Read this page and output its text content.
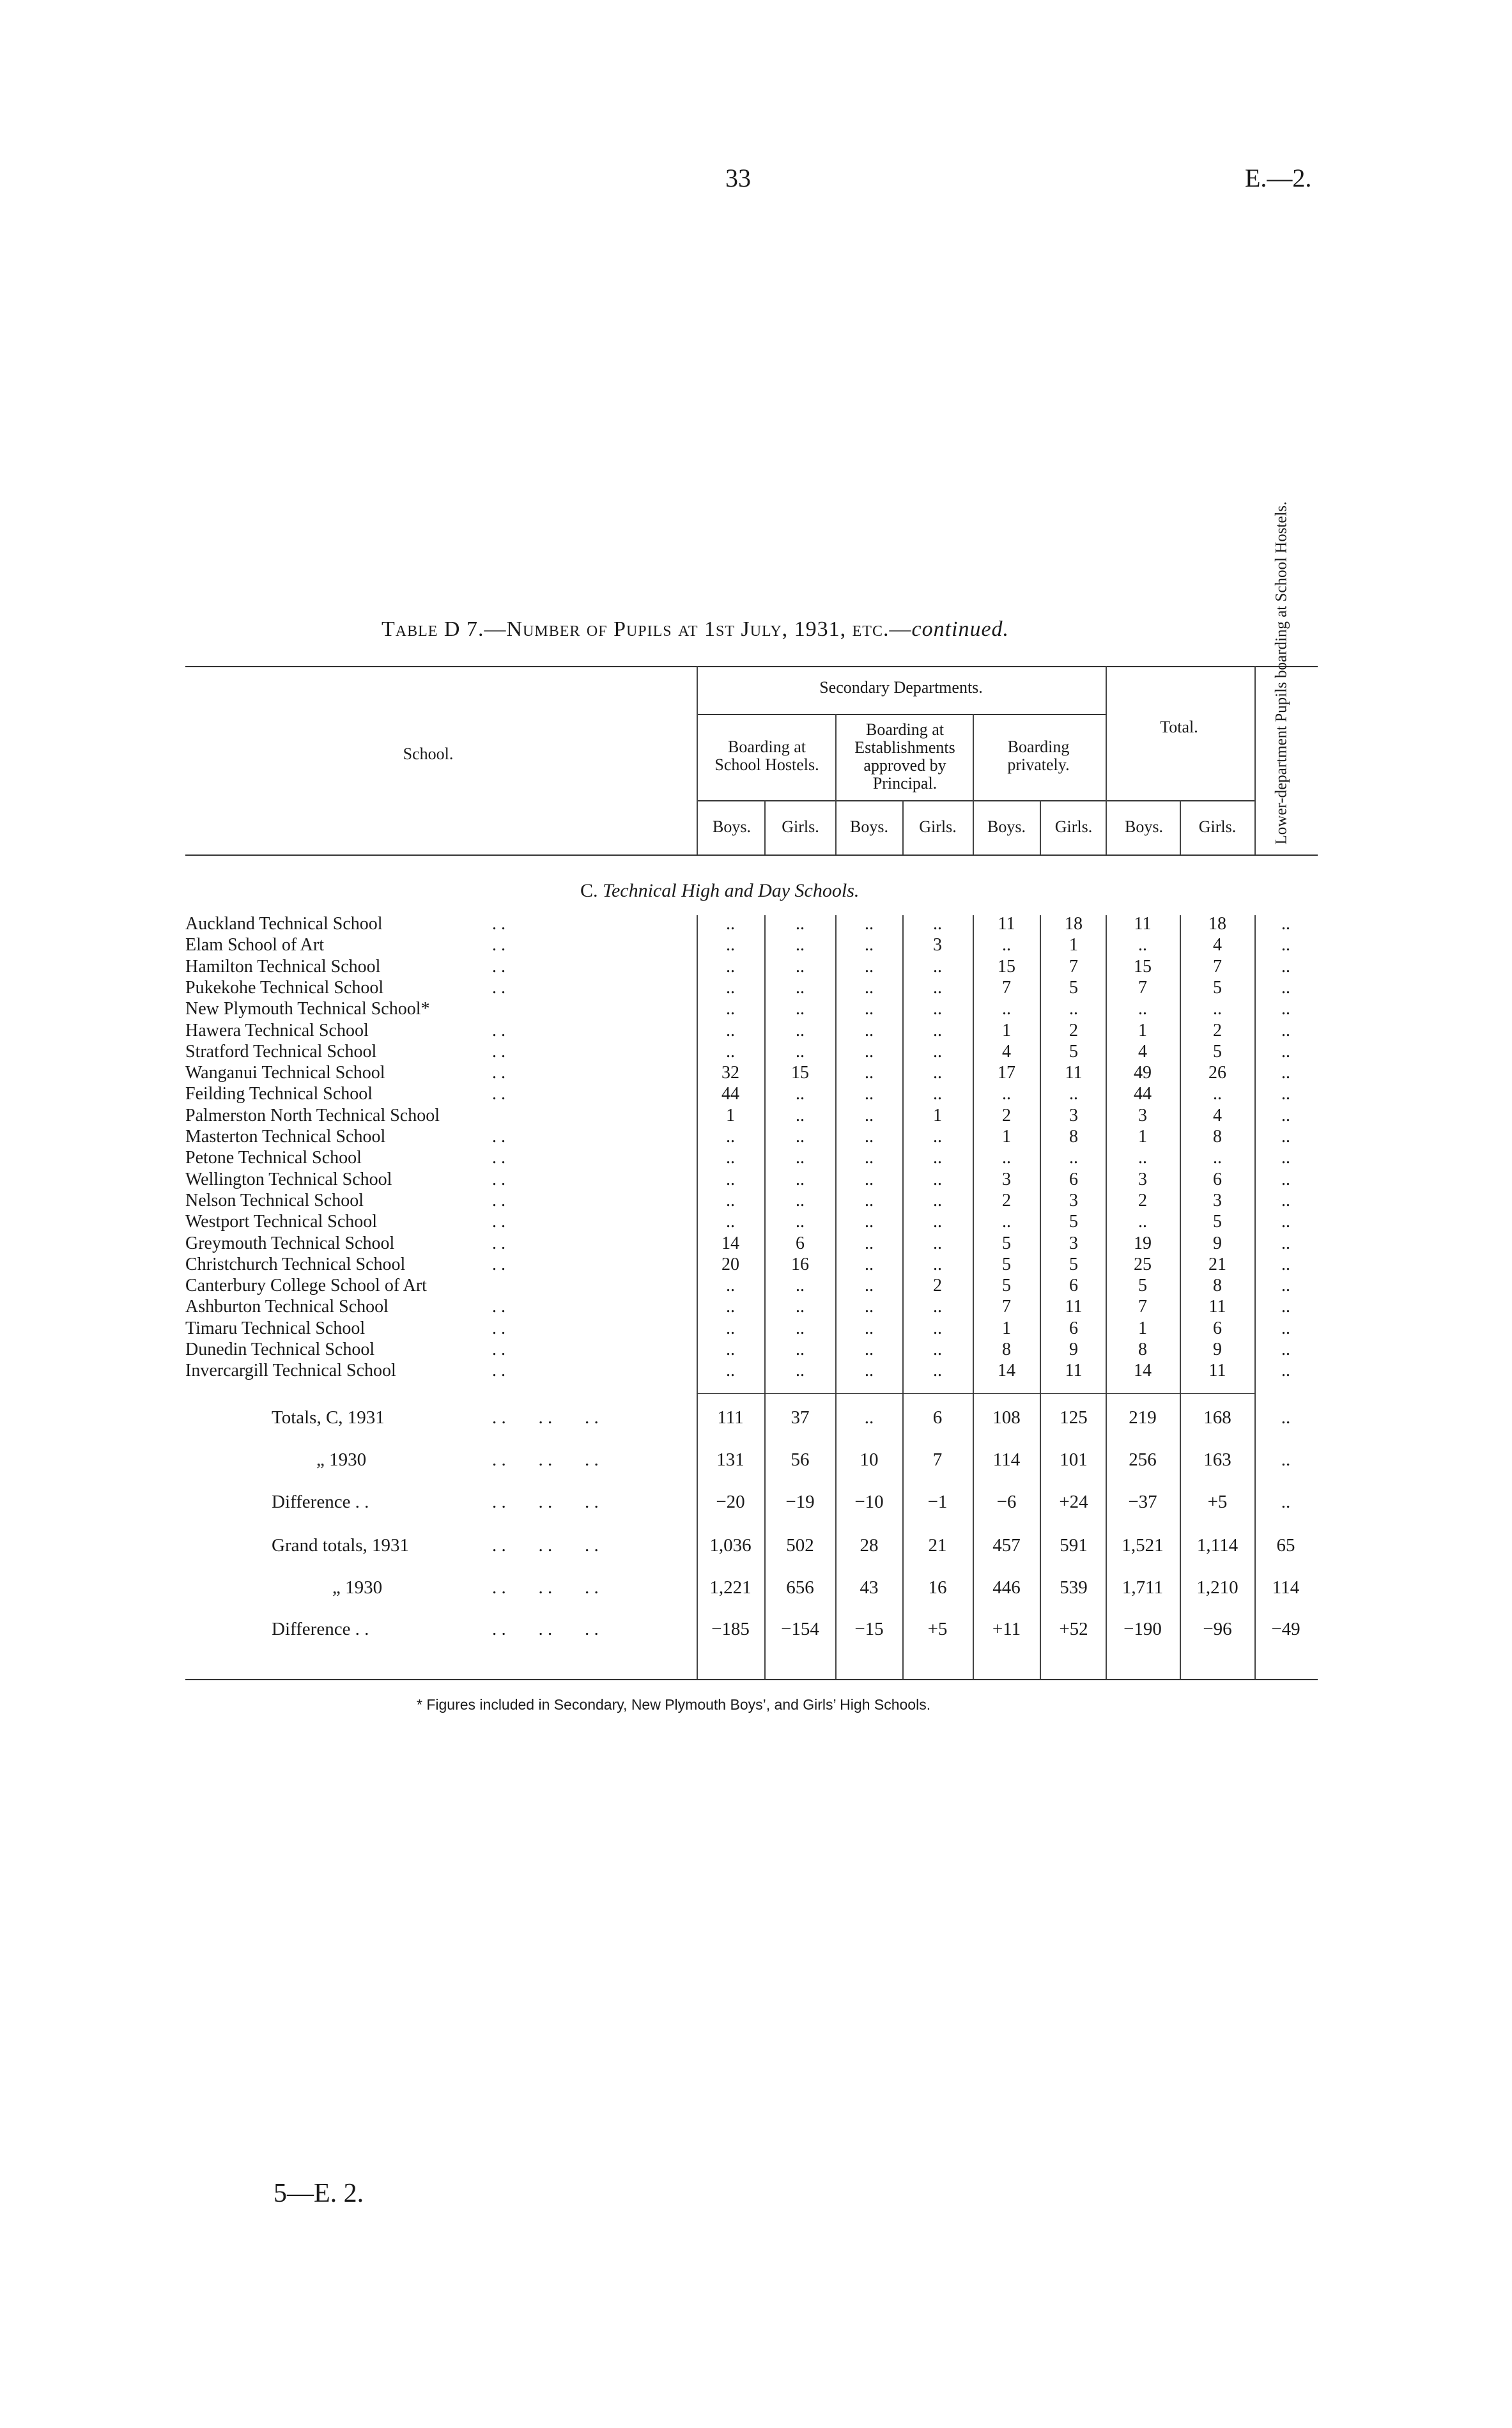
33	E.—2.
Table D 7.—Number of Pupils at 1st July, 1931, etc.—continued.
School.
Secondary Departments.
Boarding at School Hostels.
Boarding at Establishments approved by Principal.
Boarding privately.
Total.	Lower-department Pupils boarding at School Hostels.
Boys.	Girls.	Boys.	Girls.	Boys.	Girls.	Boys.	Girls.
C. Technical High and Day Schools.
Auckland Technical School	. .	..	..	..	..	11	18	11	18	..
Elam School of Art	. .	..	..	..	3	..	1	..	4	..
Hamilton Technical School	. .	..	..	..	..	15	7	15	7	..
Pukekohe Technical School	. .	..	..	..	..	7	5	7	5	..
New Plymouth Technical School*	..	..	..	..	..	..	..	..	..
Hawera Technical School	. .	..	..	..	..	1	2	1	2	..
Stratford Technical School	. .	..	..	..	..	4	5	4	5	..
Wanganui Technical School	. .	32	15	..	..	17	11	49	26	..
Feilding Technical School	. .	44	..	..	..	..	..	44	..	..
Palmerston North Technical School	1	..	..	1	2	3	3	4	..
Masterton Technical School	. .	..	..	..	..	1	8	1	8	..
Petone Technical School	. .	..	..	..	..	..	..	..	..	..
Wellington Technical School	. .	..	..	..	..	3	6	3	6	..
Nelson Technical School	. .	..	..	..	..	2	3	2	3	..
Westport Technical School	. .	..	..	..	..	..	5	..	5	..
Greymouth Technical School	. .	14	6	..	..	5	3	19	9	..
Christchurch Technical School	. .	20	16	..	..	5	5	25	21	..
Canterbury College School of Art	..	..	..	2	5	6	5	8	..
Ashburton Technical School	. .	..	..	..	..	7	11	7	11	..
Timaru Technical School	. .	..	..	..	..	1	6	1	6	..
Dunedin Technical School	. .	..	..	..	..	8	9	8	9	..
Invercargill Technical School	. .	..	..	..	..	14	11	14	11	..
Totals, C, 1931	. .       . .       . .	111	37	..	6	108	125	219	168	..
„ 1930	. .       . .       . .	131	56	10	7	114	101	256	163	..
Difference . .	. .       . .       . .	−20	−19	−10	−1	−6	+24	−37	+5	..
Grand totals, 1931	. .       . .       . .	1,036	502	28	21	457	591	1,521	1,114	65
„ 1930	. .       . .       . .	1,221	656	43	16	446	539	1,711	1,210	114
Difference . .	. .       . .       . .	−185	−154	−15	+5	+11	+52	−190	−96	−49
* Figures included in Secondary, New Plymouth Boys’, and Girls’ High Schools.
5—E. 2.
